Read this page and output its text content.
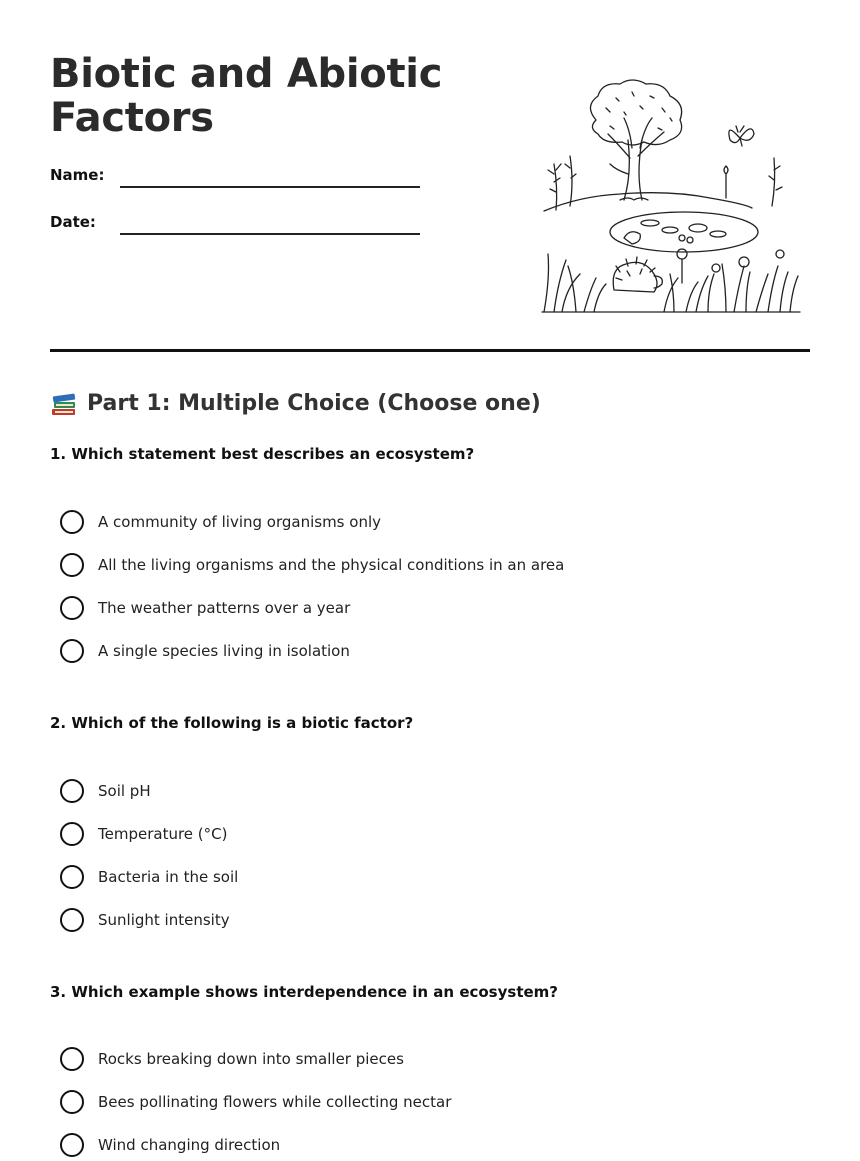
Biotic and Abiotic
Factors
Name:
Date:
Part 1: Multiple Choice (Choose one)

1. Which statement best describes an ecosystem?

A community of living organisms only
All the living organisms and the physical conditions in an area
The weather patterns over a year
A single species living in isolation

2. Which of the following is a biotic factor?

Soil pH
Temperature (°C)
Bacteria in the soil
Sunlight intensity

3. Which example shows interdependence in an ecosystem?

Rocks breaking down into smaller pieces
Bees pollinating flowers while collecting nectar
Wind changing direction
